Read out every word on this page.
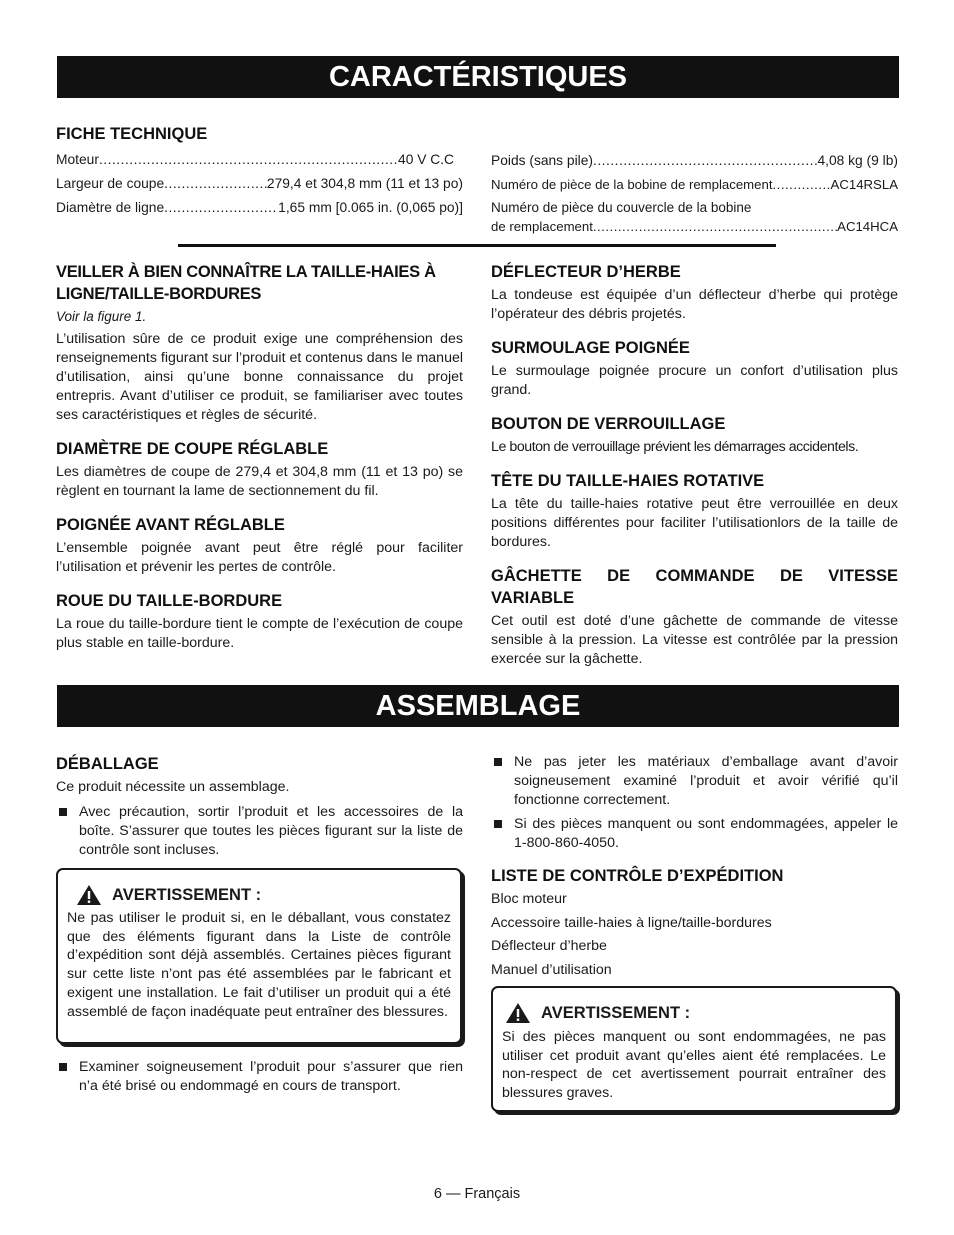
CARACTÉRISTIQUES
FICHE TECHNIQUE
Moteur .....	40 V C.C
Largeur de coupe .....	279,4 et 304,8 mm (11 et 13 po)
Diamètre de ligne .....	1,65 mm [0.065 in. (0,065 po)]
Poids (sans pile) .....	4,08 kg (9 lb)
Numéro de pièce de la bobine de remplacement .....	AC14RSLA
Numéro de pièce du couvercle de la bobine
de remplacement .....	AC14HCA
VEILLER À BIEN CONNAÎTRE LA TAILLE-HAIES À LIGNE/TAILLE-BORDURES

Voir la figure 1.

L’utilisation sûre de ce produit exige une compréhension des renseignements figurant sur l’produit et contenus dans le manuel d’utilisation, ainsi qu’une bonne connaissance du projet entrepris. Avant d’utiliser ce produit, se familiariser avec toutes ses caractéristiques et règles de sécurité.

DIAMÈTRE DE COUPE RÉGLABLE

Les diamètres de coupe de 279,4 et 304,8 mm (11 et 13 po) se règlent en tournant la lame de sectionnement du fil.

POIGNÉE AVANT RÉGLABLE

L’ensemble poignée avant peut être réglé pour faciliter l’utilisation et prévenir les pertes de contrôle.

ROUE DU TAILLE-BORDURE

La roue du taille-bordure tient le compte de l’exécution de coupe plus stable en taille-bordure.

DÉFLECTEUR D’HERBE

La tondeuse est équipée d’un déflecteur d’herbe qui protège l’opérateur des débris projetés.

SURMOULAGE POIGNÉE

Le surmoulage poignée procure un confort d’utilisation plus grand.

BOUTON DE VERROUILLAGE

Le bouton de verrouillage prévient les démarrages accidentels.

TÊTE DU TAILLE-HAIES ROTATIVE

La tête du taille-haies rotative peut être verrouillée en deux positions différentes pour faciliter l’utilisationlors de la taille de bordures.

GÂCHETTE DE COMMANDE DE VITESSE VARIABLE

Cet outil est doté d’une gâchette de commande de vitesse sensible à la pression. La vitesse est contrôlée par la pression exercée sur la gâchette.

ASSEMBLAGE
DÉBALLAGE

Ce produit nécessite un assemblage.

Avec précaution, sortir l’produit et les accessoires de la boîte. S’assurer que toutes les pièces figurant sur la liste de contrôle sont incluses.

AVERTISSEMENT :

Ne pas utiliser le produit si, en le déballant, vous constatez que des éléments figurant dans la Liste de contrôle d’expédition sont déjà assemblés. Certaines pièces figurant sur cette liste n’ont pas été assemblées par le fabricant et exigent une installation. Le fait d’utiliser un produit qui a été assemblé de façon inadéquate peut entraîner des blessures.

Examiner soigneusement l’produit pour s’assurer que rien n’a été brisé ou endommagé en cours de transport.

Ne pas jeter les matériaux d’emballage avant d’avoir soigneusement examiné l’produit et avoir vérifié qu’il fonctionne correctement.

Si des pièces manquent ou sont endommagées, appeler le 1-800-860-4050.

LISTE DE CONTRÔLE D’EXPÉDITION
Bloc moteur
Accessoire taille-haies à ligne/taille-bordures
Déflecteur d’herbe
Manuel d’utilisation
AVERTISSEMENT :

Si des pièces manquent ou sont endommagées, ne pas utiliser cet produit avant qu’elles aient été remplacées. Le non-respect de cet avertissement pourrait entraîner des blessures graves.

6 — Français
